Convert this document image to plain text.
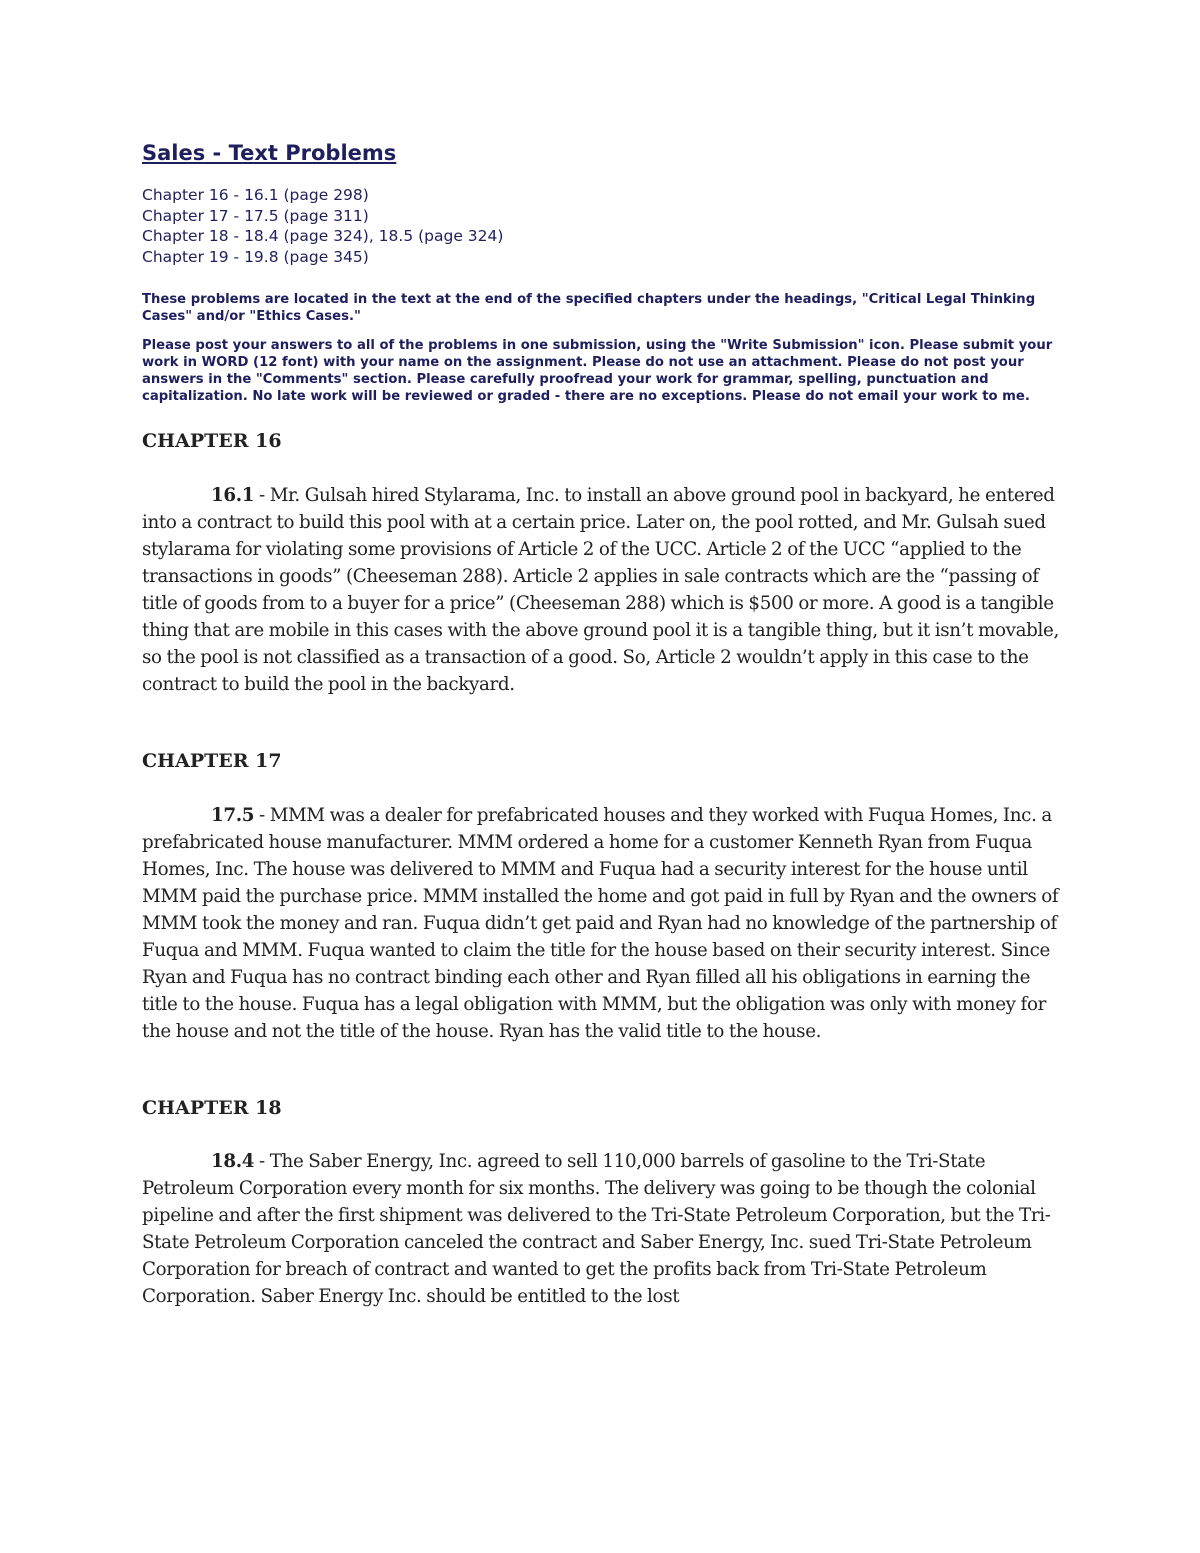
Sales - Text Problems
Chapter 16 - 16.1 (page 298)
Chapter 17 - 17.5 (page 311)
Chapter 18 - 18.4 (page 324), 18.5 (page 324)
Chapter 19 - 19.8 (page 345)

These problems are located in the text at the end of the specified chapters under the headings, "Critical Legal Thinking Cases" and/or "Ethics Cases."

Please post your answers to all of the problems in one submission, using the "Write Submission" icon. Please submit your work in WORD (12 font) with your name on the assignment. Please do not use an attachment. Please do not post your answers in the "Comments" section. Please carefully proofread your work for grammar, spelling, punctuation and capitalization. No late work will be reviewed or graded - there are no exceptions. Please do not email your work to me.

CHAPTER 16

16.1 - Mr. Gulsah hired Stylarama, Inc. to install an above ground pool in backyard, he entered into a contract to build this pool with at a certain price. Later on, the pool rotted, and Mr. Gulsah sued stylarama for violating some provisions of Article 2 of the UCC. Article 2 of the UCC “applied to the transactions in goods” (Cheeseman 288). Article 2 applies in sale contracts which are the “passing of title of goods from to a buyer for a price” (Cheeseman 288) which is $500 or more. A good is a tangible thing that are mobile in this cases with the above ground pool it is a tangible thing, but it isn’t movable, so the pool is not classified as a transaction of a good. So, Article 2 wouldn’t apply in this case to the contract to build the pool in the backyard.

CHAPTER 17

17.5 - MMM was a dealer for prefabricated houses and they worked with Fuqua Homes, Inc. a prefabricated house manufacturer. MMM ordered a home for a customer Kenneth Ryan from Fuqua Homes, Inc. The house was delivered to MMM and Fuqua had a security interest for the house until MMM paid the purchase price. MMM installed the home and got paid in full by Ryan and the owners of MMM took the money and ran. Fuqua didn’t get paid and Ryan had no knowledge of the partnership of Fuqua and MMM. Fuqua wanted to claim the title for the house based on their security interest. Since Ryan and Fuqua has no contract binding each other and Ryan filled all his obligations in earning the title to the house. Fuqua has a legal obligation with MMM, but the obligation was only with money for the house and not the title of the house. Ryan has the valid title to the house.

CHAPTER 18

18.4 - The Saber Energy, Inc. agreed to sell 110,000 barrels of gasoline to the Tri-State Petroleum Corporation every month for six months. The delivery was going to be though the colonial pipeline and after the first shipment was delivered to the Tri-State Petroleum Corporation, but the Tri-State Petroleum Corporation canceled the contract and Saber Energy, Inc. sued Tri-State Petroleum Corporation for breach of contract and wanted to get the profits back from Tri-State Petroleum Corporation. Saber Energy Inc. should be entitled to the lost
